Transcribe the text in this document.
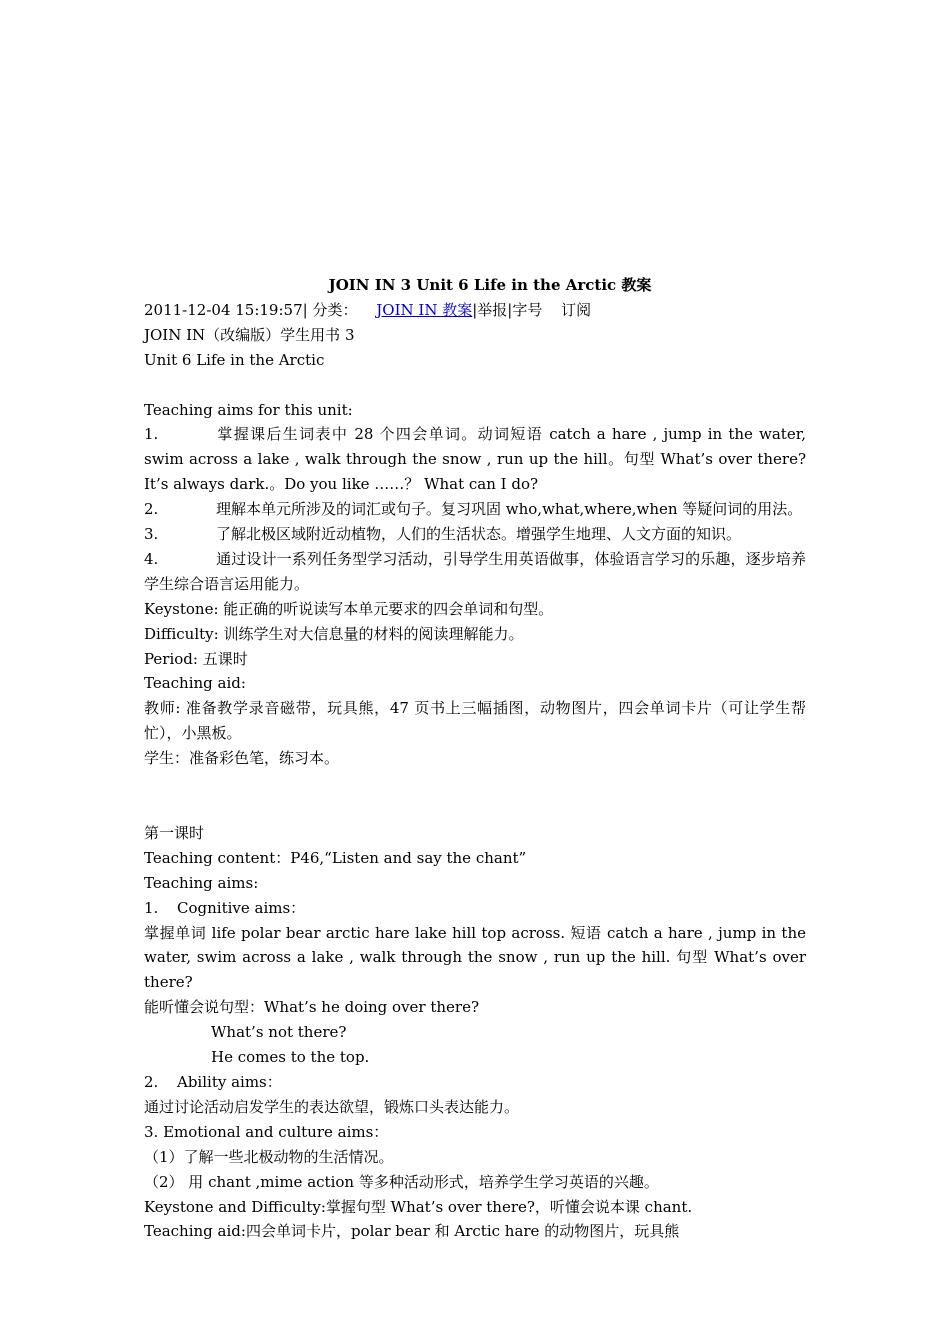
JOIN IN 3 Unit 6 Life in the Arctic 教案
2011-12-04 15:19:57| 分类： JOIN IN 教案|举报|字号 订阅
JOIN IN（改编版）学生用书 3
Unit 6 Life in the Arctic
Teaching aims for this unit:
1.	掌握课后生词表中 28 个四会单词。动词短语 catch a hare , jump in the water, swim across a lake , walk through the snow , run up the hill。句型 What’s over there? It’s always dark.。Do you like ……？ What can I do?
2.	理解本单元所涉及的词汇或句子。复习巩固 who,what,where,when 等疑问词的用法。
3.	了解北极区域附近动植物，人们的生活状态。增强学生地理、人文方面的知识。
4.	通过设计一系列任务型学习活动，引导学生用英语做事，体验语言学习的乐趣，逐步培养学生综合语言运用能力。
Keystone: 能正确的听说读写本单元要求的四会单词和句型。
Difficulty: 训练学生对大信息量的材料的阅读理解能力。
Period: 五课时
Teaching aid:
教师: 准备教学录音磁带，玩具熊，47 页书上三幅插图，动物图片，四会单词卡片（可让学生帮忙），小黑板。
学生：准备彩色笔，练习本。
第一课时
Teaching content：P46,“Listen and say the chant”
Teaching aims:
1. Cognitive aims：
掌握单词 life polar bear arctic hare lake hill top across. 短语 catch a hare , jump in the water, swim across a lake , walk through the snow , run up the hill. 句型 What’s over there?
能听懂会说句型：What’s he doing over there?
What’s not there?
He comes to the top.
2. Ability aims：
通过讨论活动启发学生的表达欲望，锻炼口头表达能力。
3. Emotional and culture aims：
（1）了解一些北极动物的生活情况。
（2） 用 chant ,mime action 等多种活动形式，培养学生学习英语的兴趣。
Keystone and Difficulty:掌握句型 What’s over there?，听懂会说本课 chant.
Teaching aid:四会单词卡片，polar bear 和 Arctic hare 的动物图片，玩具熊
